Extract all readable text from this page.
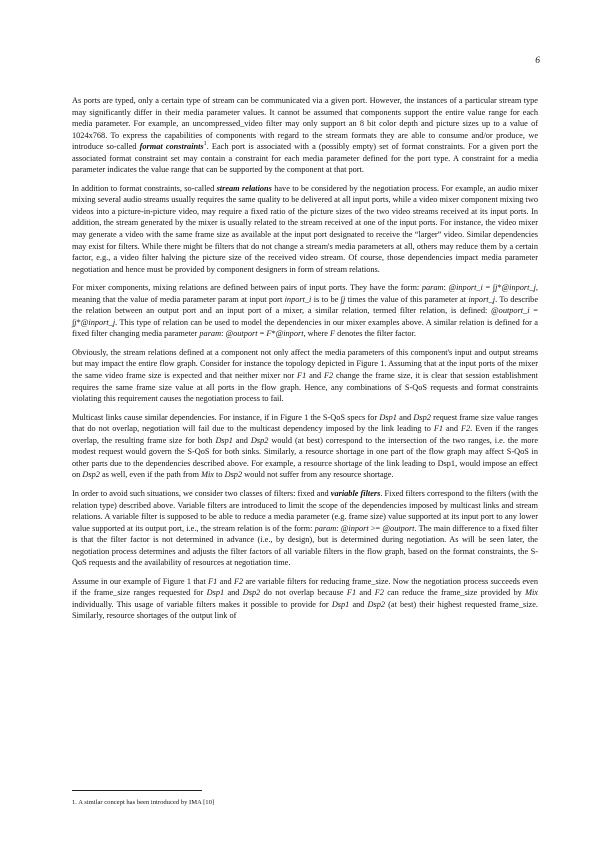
6

As ports are typed, only a certain type of stream can be communicated via a given port. However, the instances of a particular stream type may significantly differ in their media parameter values. It cannot be assumed that components support the entire value range for each media parameter. For example, an uncompressed_video filter may only support an 8 bit color depth and picture sizes up to a value of 1024x768. To express the capabilities of components with regard to the stream formats they are able to consume and/or produce, we introduce so-called format constraints$^1$. Each port is associated with a (possibly empty) set of format constraints. For a given port the associated format constraint set may contain a constraint for each media parameter defined for the port type. A constraint for a media parameter indicates the value range that can be supported by the component at that port.

In addition to format constraints, so-called stream relations have to be considered by the negotiation process. For example, an audio mixer mixing several audio streams usually requires the same quality to be delivered at all input ports, while a video mixer component mixing two videos into a picture-in-picture video, may require a fixed ratio of the picture sizes of the two video streams received at its input ports. In addition, the stream generated by the mixer is usually related to the stream received at one of the input ports. For instance, the video mixer may generate a video with the same frame size as available at the input port designated to receive the “larger” video. Similar dependencies may exist for filters. While there might be filters that do not change a stream's media parameters at all, others may reduce them by a certain factor, e.g., a video filter halving the picture size of the received video stream. Of course, those dependencies impact media parameter negotiation and hence must be provided by component designers in form of stream relations.

For mixer components, mixing relations are defined between pairs of input ports. They have the form: param: @inport_i = ∫j*@inport_j, meaning that the value of media parameter param at input port inport_i is to be ∫j times the value of this parameter at inport_j. To describe the relation between an output port and an input port of a mixer, a similar relation, termed filter relation, is defined: @outport_i = ∫j*@inport_j. This type of relation can be used to model the dependencies in our mixer examples above. A similar relation is defined for a fixed filter changing media parameter param: @outport = F*@inport, where F denotes the filter factor.

Obviously, the stream relations defined at a component not only affect the media parameters of this component's input and output streams but may impact the entire flow graph. Consider for instance the topology depicted in Figure 1. Assuming that at the input ports of the mixer the same video frame size is expected and that neither mixer nor F1 and F2 change the frame size, it is clear that session establishment requires the same frame size value at all ports in the flow graph. Hence, any combinations of S-QoS requests and format constraints violating this requirement causes the negotiation process to fail.

Multicast links cause similar dependencies. For instance, if in Figure 1 the S-QoS specs for Dsp1 and Dsp2 request frame size value ranges that do not overlap, negotiation will fail due to the multicast dependency imposed by the link leading to F1 and F2. Even if the ranges overlap, the resulting frame size for both Dsp1 and Dsp2 would (at best) correspond to the intersection of the two ranges, i.e. the more modest request would govern the S-QoS for both sinks. Similarly, a resource shortage in one part of the flow graph may affect S-QoS in other parts due to the dependencies described above. For example, a resource shortage of the link leading to Dsp1, would impose an effect on Dsp2 as well, even if the path from Mix to Dsp2 would not suffer from any resource shortage.

In order to avoid such situations, we consider two classes of filters: fixed and variable filters. Fixed filters correspond to the filters (with the relation type) described above. Variable filters are introduced to limit the scope of the dependencies imposed by multicast links and stream relations. A variable filter is supposed to be able to reduce a media parameter (e.g. frame size) value supported at its input port to any lower value supported at its output port, i.e., the stream relation is of the form: param: @inport >= @outport. The main difference to a fixed filter is that the filter factor is not determined in advance (i.e., by design), but is determined during negotiation. As will be seen later, the negotiation process determines and adjusts the filter factors of all variable filters in the flow graph, based on the format constraints, the S-QoS requests and the availability of resources at negotiation time.

Assume in our example of Figure 1 that F1 and F2 are variable filters for reducing frame_size. Now the negotiation process succeeds even if the frame_size ranges requested for Dsp1 and Dsp2 do not overlap because F1 and F2 can reduce the frame_size provided by Mix individually. This usage of variable filters makes it possible to provide for Dsp1 and Dsp2 (at best) their highest requested frame_size. Similarly, resource shortages of the output link of

1. A similar concept has been introduced by IMA [10]
